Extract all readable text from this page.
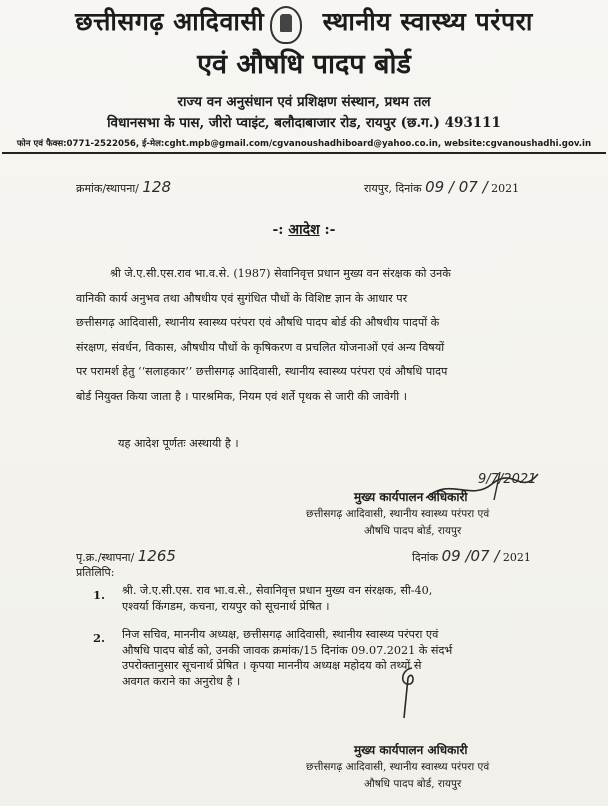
छत्तीसगढ़ आदिवासी स्थानीय स्वास्थ्य परंपरा
एवं औषधि पादप बोर्ड
राज्य वन अनुसंधान एवं प्रशिक्षण संस्थान, प्रथम तल
विधानसभा के पास, जीरो प्वाइंट, बलौदाबाजार रोड, रायपुर (छ.ग.) 493111
फोन एवं फैक्स:0771-2522056, ई-मेल:cght.mpb@gmail.com/cgvanoushadhiboard@yahoo.co.in, website:cgvanoushadhi.gov.in
क्रमांक/स्थापना/ 128	रायपुर, दिनांक 09 / 07 / 2021
-: आदेश :-
श्री जे.ए.सी.एस.राव भा.व.से. (1987) सेवानिवृत्त प्रधान मुख्य वन संरक्षक को उनके
वानिकी कार्य अनुभव तथा औषधीय एवं सुगंधित पौधों के विशिष्ट ज्ञान के आधार पर
छत्तीसगढ़ आदिवासी, स्थानीय स्वास्थ्य परंपरा एवं औषधि पादप बोर्ड की औषधीय पादपों के
संरक्षण, संवर्धन, विकास, औषधीय पौधों के कृषिकरण व प्रचलित योजनाओं एवं अन्य विषयों
पर परामर्श हेतु ‘‘सलाहकार’’ छत्तीसगढ़ आदिवासी, स्थानीय स्वास्थ्य परंपरा एवं औषधि पादप
बोर्ड नियुक्त किया जाता है । पारश्रमिक, नियम एवं शर्ते पृथक से जारी की जावेगी ।
यह आदेश पूर्णतः अस्थायी है ।
मुख्य कार्यपालन अधिकारी
9/7/2021
छत्तीसगढ़ आदिवासी, स्थानीय स्वास्थ्य परंपरा एवं
औषधि पादप बोर्ड, रायपुर
पृ.क्र./स्थापना/ 1265	दिनांक 09 /07 / 2021
प्रतिलिपि:
1. श्री. जे.ए.सी.एस. राव भा.व.से., सेवानिवृत्त प्रधान मुख्य वन संरक्षक, सी-40,
एश्वर्या किंगडम, कचना, रायपुर को सूचनार्थ प्रेषित ।
2. निज सचिव, माननीय अध्यक्ष, छत्तीसगढ़ आदिवासी, स्थानीय स्वास्थ्य परंपरा एवं
औषधि पादप बोर्ड को, उनकी जावक क्रमांक/15 दिनांक 09.07.2021 के संदर्भ
उपरोक्तानुसार सूचनार्थ प्रेषित । कृपया माननीय अध्यक्ष महोदय को तथ्यों से
अवगत कराने का अनुरोध है ।
मुख्य कार्यपालन अधिकारी
छत्तीसगढ़ आदिवासी, स्थानीय स्वास्थ्य परंपरा एवं
औषधि पादप बोर्ड, रायपुर
